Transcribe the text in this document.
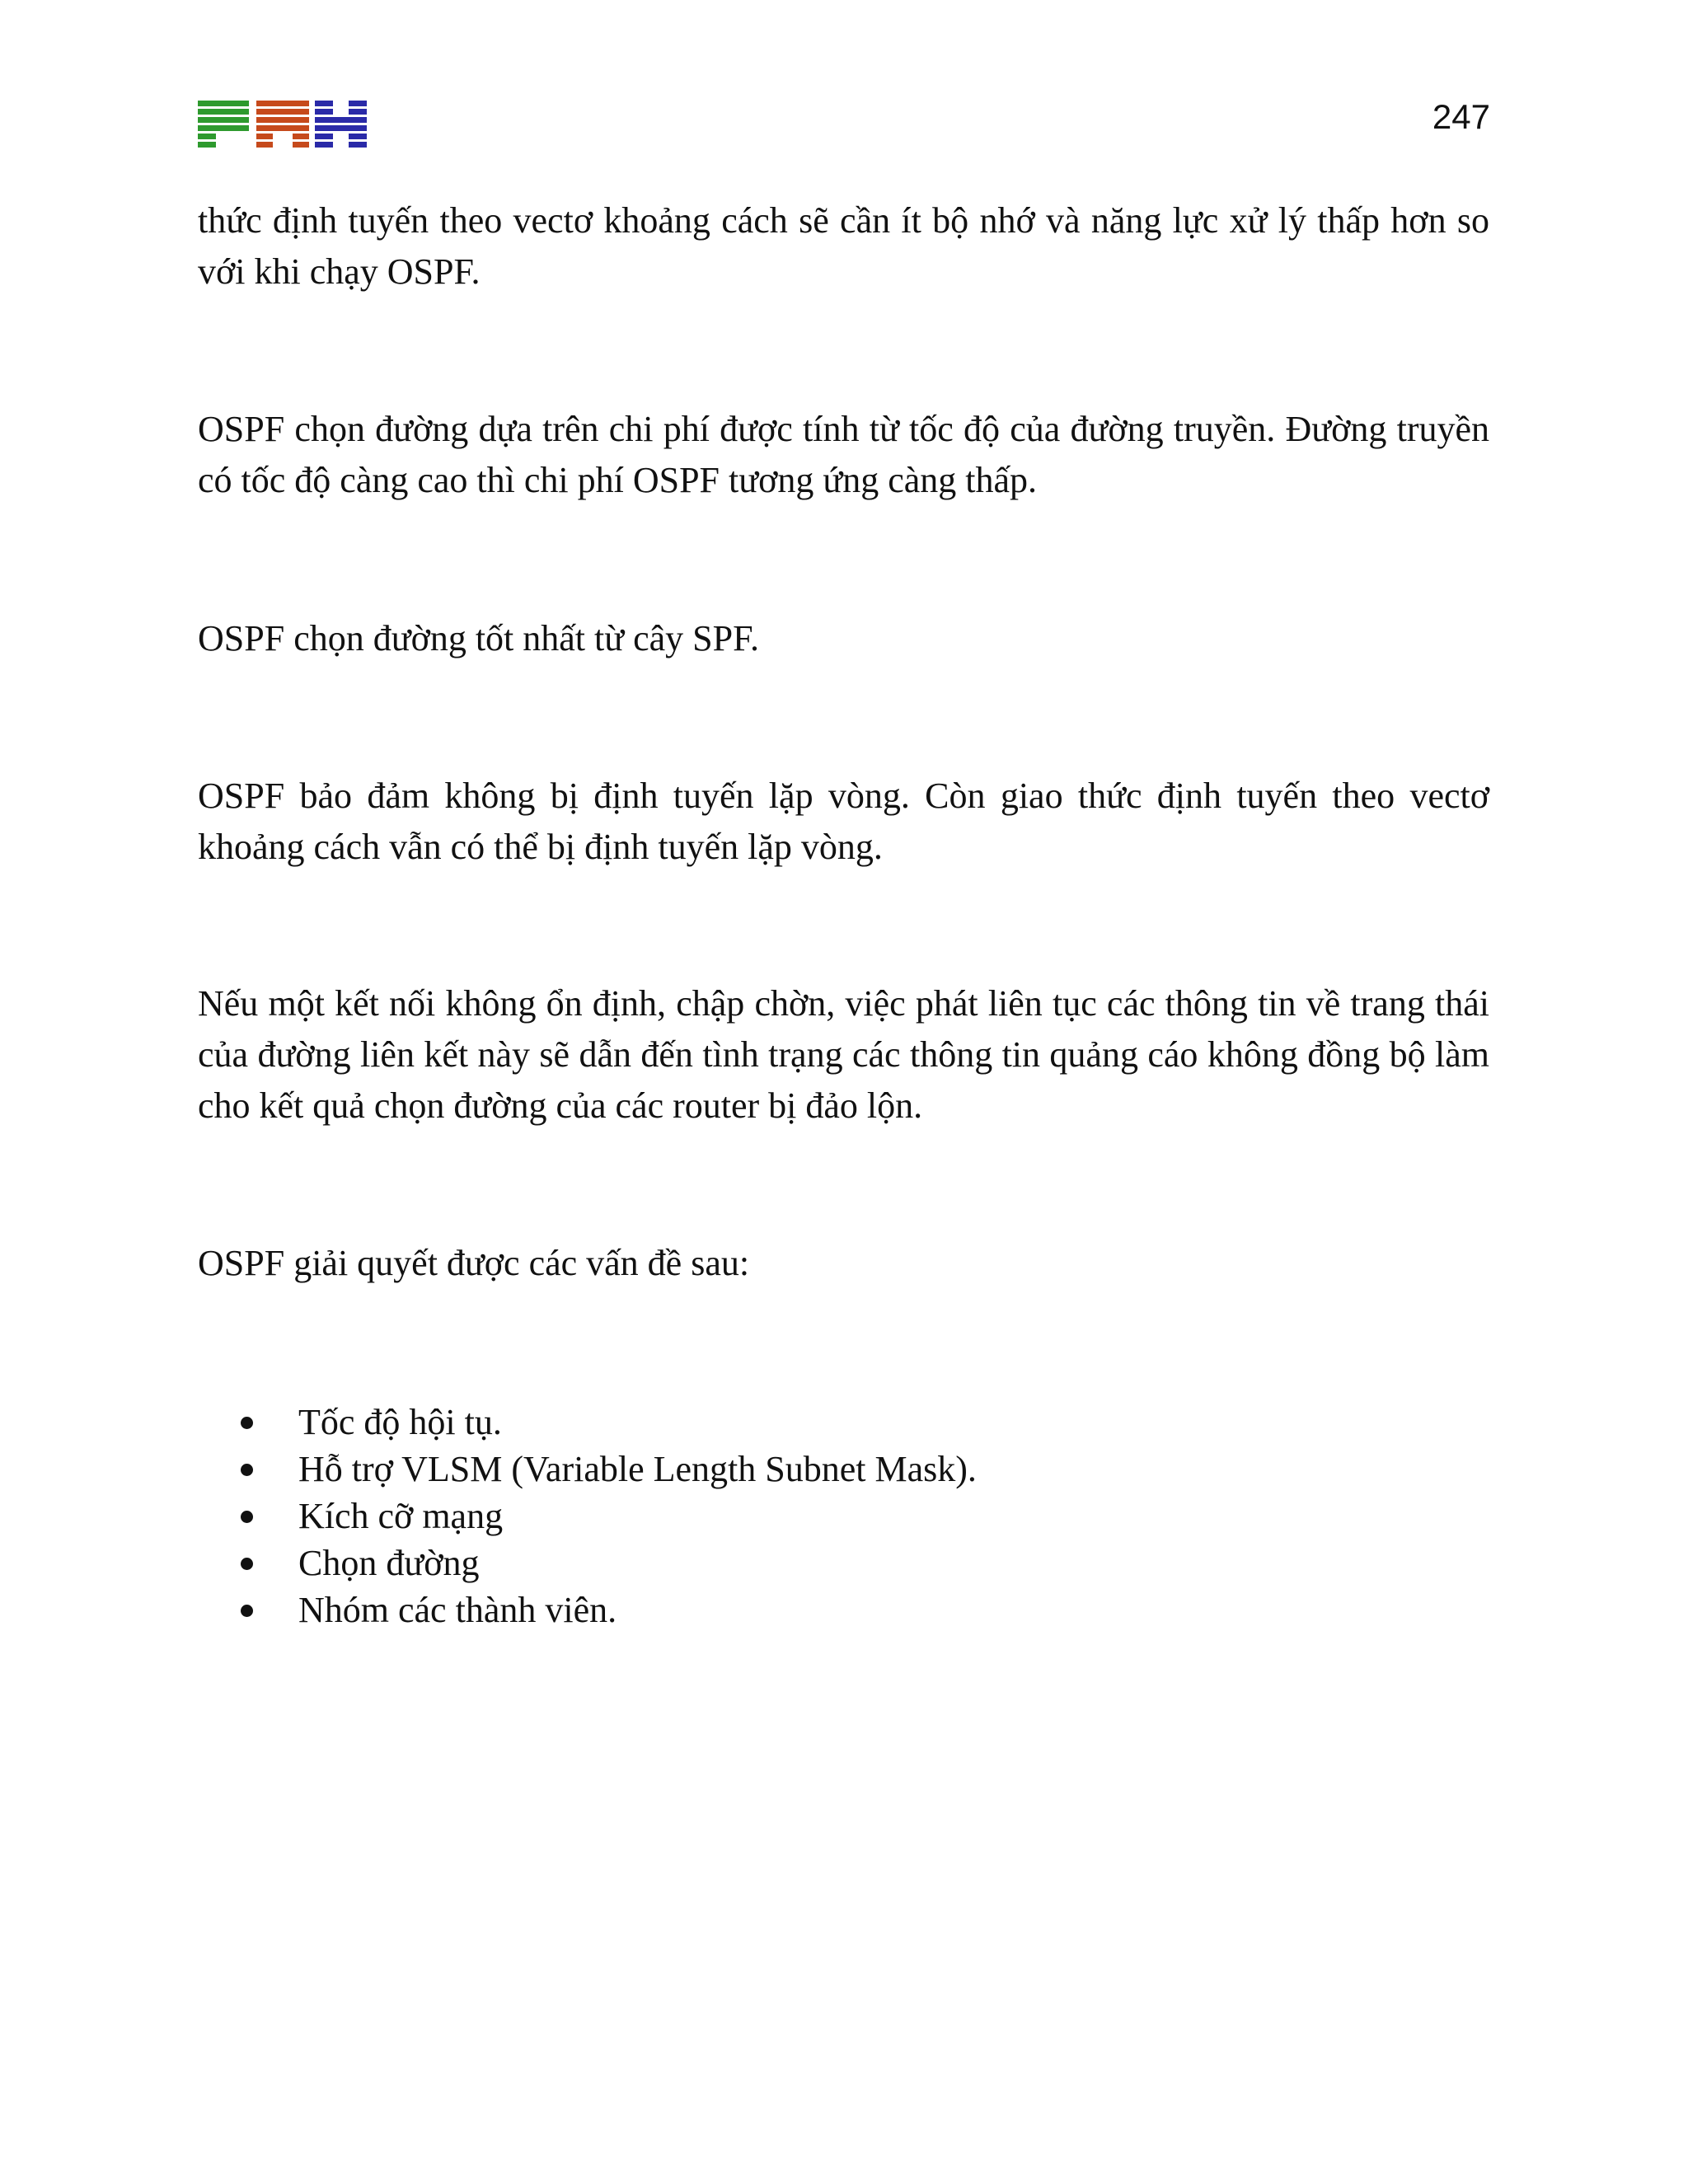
247

thức định tuyến theo vectơ khoảng cách sẽ cần ít bộ nhớ và năng lực xử lý thấp hơn so với khi chạy OSPF.

OSPF chọn đường dựa trên chi phí được tính từ tốc độ của đường truyền. Đường truyền có tốc độ càng cao thì chi phí OSPF tương ứng càng thấp.

OSPF chọn đường tốt nhất từ cây SPF.

OSPF bảo đảm không bị định tuyến lặp vòng. Còn giao thức định tuyến theo vectơ khoảng cách vẫn có thể bị định tuyến lặp vòng.

Nếu một kết nối không ổn định, chập chờn, việc phát liên tục các thông tin về trang thái của đường liên kết này sẽ dẫn đến tình trạng các thông tin quảng cáo không đồng bộ làm cho kết quả chọn đường của các router bị đảo lộn.

OSPF giải quyết được các vấn đề sau:

Tốc độ hội tụ.
Hỗ trợ VLSM (Variable Length Subnet Mask).
Kích cỡ mạng
Chọn đường
Nhóm các thành viên.
